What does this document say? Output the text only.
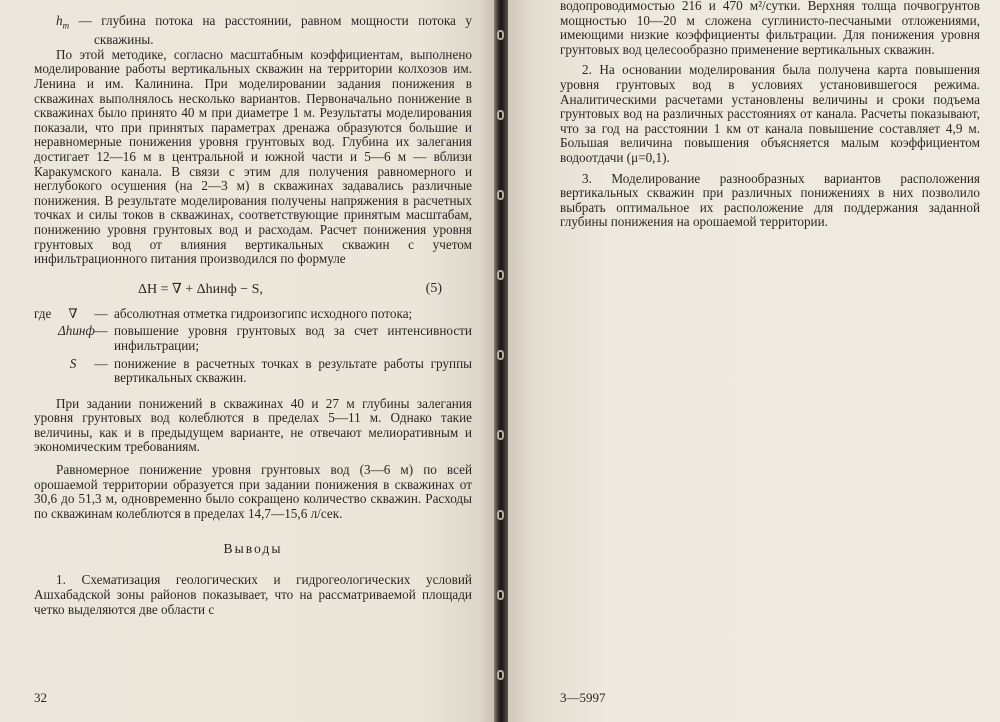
$h_m$ — глубина потока на расстоянии, равном мощности потока у скважины.

По этой методике, согласно масштабным коэффициентам, выполнено моделирование работы вертикальных скважин на территории колхозов им. Ленина и им. Калинина. При моделировании задания понижения в скважинах выполнялось несколько вариантов. Первоначально понижение в скважинах было принято 40 м при диаметре 1 м. Результаты моделирования показали, что при принятых параметрах дренажа образуются большие и неравномерные понижения уровня грунтовых вод. Глубина их залегания достигает 12—16 м в центральной и южной части и 5—6 м — вблизи Каракумского канала. В связи с этим для получения равномерного и неглубокого осушения (на 2—3 м) в скважинах задавались различные понижения. В результате моделирования получены напряжения в расчетных точках и силы токов в скважинах, соответствующие принятым масштабам, понижению уровня грунтовых вод и расходам. Расчет понижения уровня грунтовых вод от влияния вертикальных скважин с учетом инфильтрационного питания производился по формуле

ΔH = ∇ + Δhинф − S,	(5)
где	∇	— абсолютная отметка гидроизогипс исходного потока;
Δhинф — повышение уровня грунтовых вод за счет интенсивности инфильтрации;
S	— понижение в расчетных точках в результате работы группы вертикальных скважин.

При задании понижений в скважинах 40 и 27 м глубины залегания уровня грунтовых вод колеблются в пределах 5—11 м. Однако такие величины, как и в предыдущем варианте, не отвечают мелиоративным и экономическим требованиям.

Равномерное понижение уровня грунтовых вод (3—6 м) по всей орошаемой территории образуется при задании понижения в скважинах от 30,6 до 51,3 м, одновременно было сокращено количество скважин. Расходы по скважинам колеблются в пределах 14,7—15,6 л/сек.

Выводы

1. Схематизация геологических и гидрогеологических условий Ашхабадской зоны районов показывает, что на рассматриваемой площади четко выделяются две области с

32

водопроводимостью 216 и 470 м²/сутки. Верхняя толща почвогрунтов мощностью 10—20 м сложена суглинисто-песчаными отложениями, имеющими низкие коэффициенты фильтрации. Для понижения уровня грунтовых вод целесообразно применение вертикальных скважин.

2. На основании моделирования была получена карта повышения уровня грунтовых вод в условиях установившегося режима. Аналитическими расчетами установлены величины и сроки подъема грунтовых вод на различных расстояниях от канала. Расчеты показывают, что за год на расстоянии 1 км от канала повышение составляет 4,9 м. Большая величина повышения объясняется малым коэффициентом водоотдачи (μ=0,1).

3. Моделирование разнообразных вариантов расположения вертикальных скважин при различных понижениях в них позволило выбрать оптимальное их расположение для поддержания заданной глубины понижения на орошаемой территории.

3—5997
